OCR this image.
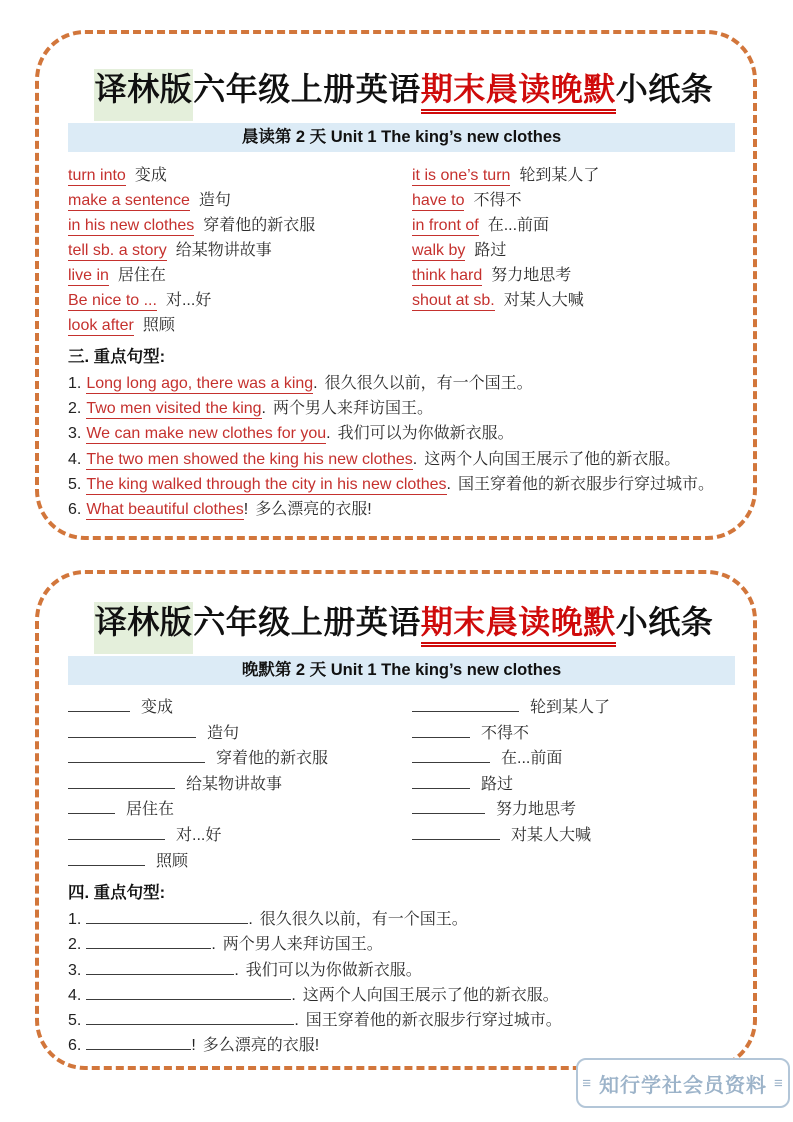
译林版六年级上册英语期末晨读晚默小纸条
晨读第 2 天 Unit 1 The king’s new clothes
turn into 变成
make a sentence 造句
in his new clothes 穿着他的新衣服
tell sb. a story 给某物讲故事
live in 居住在
Be nice to ... 对...好
look after 照顾
it is one’s turn 轮到某人了
have to 不得不
in front of 在...前面
walk by 路过
think hard 努力地思考
shout at sb. 对某人大喊
三. 重点句型:
1. Long long ago, there was a king. 很久很久以前，有一个国王。
2. Two men visited the king. 两个男人来拜访国王。
3. We can make new clothes for you. 我们可以为你做新衣服。
4. The two men showed the king his new clothes. 这两个人向国王展示了他的新衣服。
5. The king walked through the city in his new clothes. 国王穿着他的新衣服步行穿过城市。
6. What beautiful clothes! 多么漂亮的衣服!
译林版六年级上册英语期末晨读晚默小纸条
晚默第 2 天 Unit 1 The king’s new clothes
变成
造句
穿着他的新衣服
给某物讲故事
居住在
对...好
照顾
轮到某人了
不得不
在...前面
路过
努力地思考
对某人大喊
四. 重点句型:
1.	. 很久很久以前，有一个国王。
2.	. 两个男人来拜访国王。
3.	. 我们可以为你做新衣服。
4.	. 这两个人向国王展示了他的新衣服。
5.	. 国王穿着他的新衣服步行穿过城市。
6.	! 多么漂亮的衣服!
≡ 知行学社会员资料 ≡
